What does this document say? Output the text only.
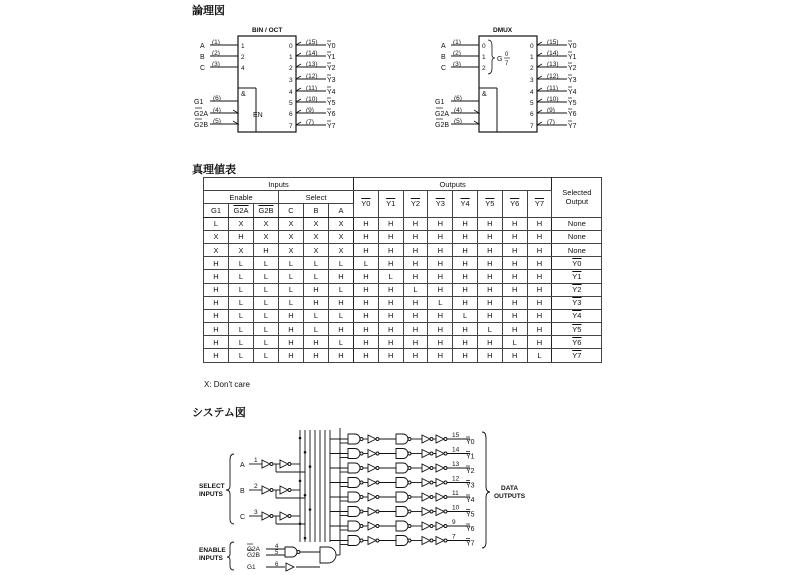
論理図
真理値表
システム図
BIN / OCT
A
(1)
1
B
(2)
2
C
(3)
4
&
G1
(6)
G2A
(4)
G2B
(5)
0
(15)
Y0
1
(14)
Y1
2
(13)
Y2
3
(12)
Y3
4
(11)
Y4
5
(10)
Y5
6
(9)
Y6
7
(7)
Y7
EN
DMUX
A
(1)
0
B
(2)
1
C
(3)
2
&
G1
(6)
G2A
(4)
G2B
(5)
0
(15)
Y0
1
(14)
Y1
2
(13)
Y2
3
(12)
Y3
4
(11)
Y4
5
(10)
Y5
6
(9)
Y6
7
(7)
Y7
G
0
7
Inputs						Outputs								Selected
Output
Enable			Select			Y0	Y1	Y2	Y3	Y4	Y5	Y6	Y7	
G1	G2A	G2B	C	B	A									
L	X	X	X	X	X	H	H	H	H	H	H	H	H	None
X	H	X	X	X	X	H	H	H	H	H	H	H	H	None
X	X	H	X	X	X	H	H	H	H	H	H	H	H	None
H	L	L	L	L	L	L	H	H	H	H	H	H	H	Y0
H	L	L	L	L	H	H	L	H	H	H	H	H	H	Y1
H	L	L	L	H	L	H	H	L	H	H	H	H	H	Y2
H	L	L	L	H	H	H	H	H	L	H	H	H	H	Y3
H	L	L	H	L	L	H	H	H	H	L	H	H	H	Y4
H	L	L	H	L	H	H	H	H	H	H	L	H	H	Y5
H	L	L	H	H	L	H	H	H	H	H	H	L	H	Y6
H	L	L	H	H	H	H	H	H	H	H	H	H	L	Y7
X: Don't care
SELECT
INPUTS
ENABLE
INPUTS
DATA
OUTPUTS
A
1
B
2
C
3
G2A 4
G2B 5
G1	6
15
Y0
14
Y1
13
Y2
12
Y3
11
Y4
10
Y5
9
Y6
7
Y7
